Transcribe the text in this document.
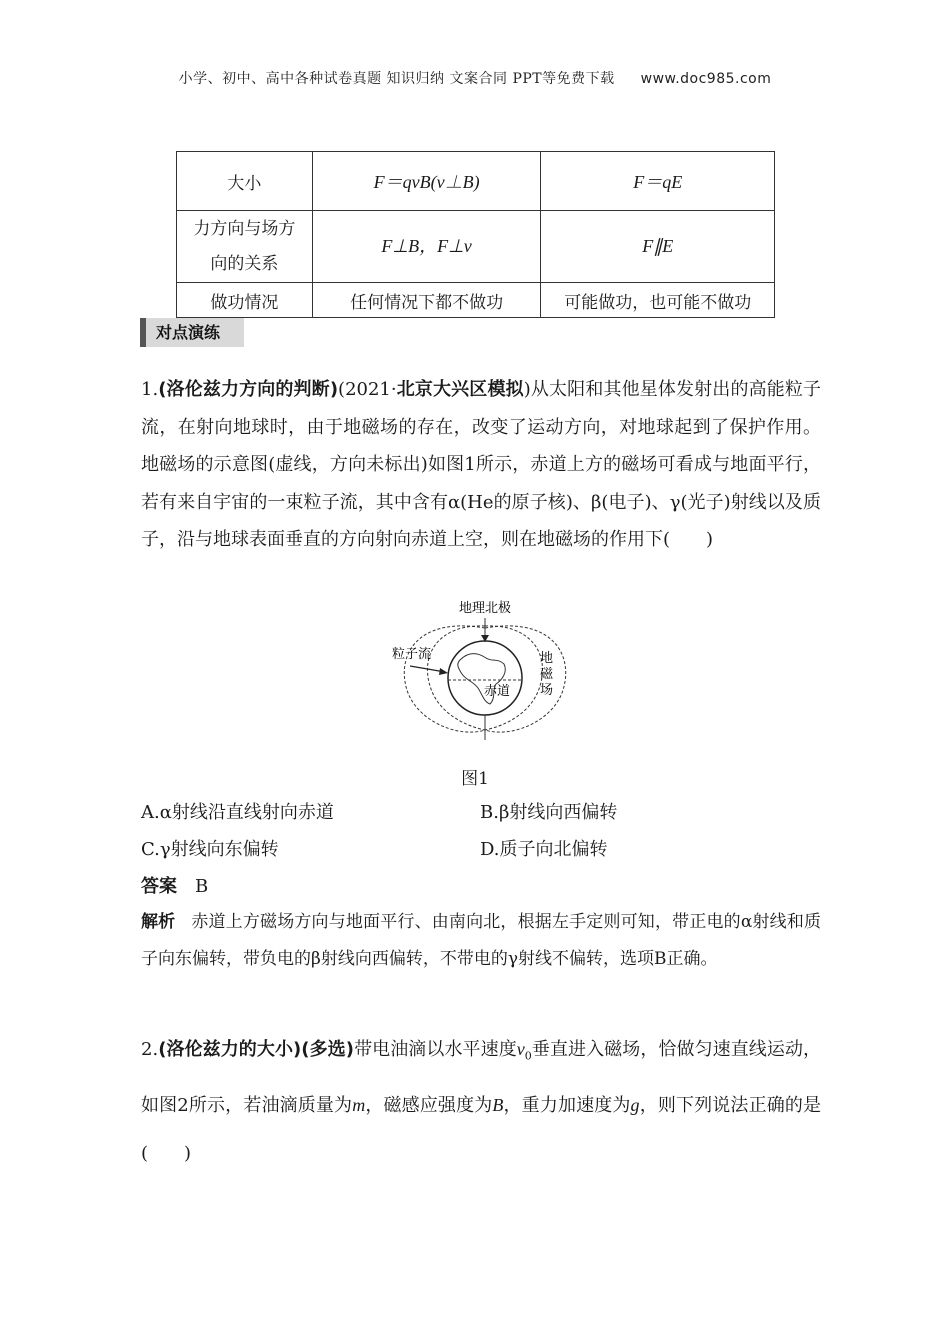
小学、初中、高中各种试卷真题 知识归纳 文案合同 PPT等免费下载 www.doc985.com
大小	F＝qvB(v⊥B)	F＝qE

力方向与场方
向的关系	F⊥B，F⊥v	F∥E
做功情况	任何情况下都不做功	可能做功，也可能不做功
对点演练
1.(洛伦兹力方向的判断)(2021·北京大兴区模拟)从太阳和其他星体发射出的高能粒子流，在射向地球时，由于地磁场的存在，改变了运动方向，对地球起到了保护作用。地磁场的示意图(虚线，方向未标出)如图1所示，赤道上方的磁场可看成与地面平行，若有来自宇宙的一束粒子流，其中含有α(He的原子核)、β(电子)、γ(光子)射线以及质子，沿与地球表面垂直的方向射向赤道上空，则在地磁场的作用下(　　)
地理北极
粒子流	地
磁
场
赤道
图1
A.α射线沿直线射向赤道	B.β射线向西偏转
C.γ射线向东偏转	D.质子向北偏转
答案 B
解析 赤道上方磁场方向与地面平行、由南向北，根据左手定则可知，带正电的α射线和质子向东偏转，带负电的β射线向西偏转，不带电的γ射线不偏转，选项B正确。
2.(洛伦兹力的大小)(多选)带电油滴以水平速度$v_0$垂直进入磁场，恰做匀速直线运动，如图2所示，若油滴质量为m，磁感应强度为B，重力加速度为g，则下列说法正确的是(　　)
